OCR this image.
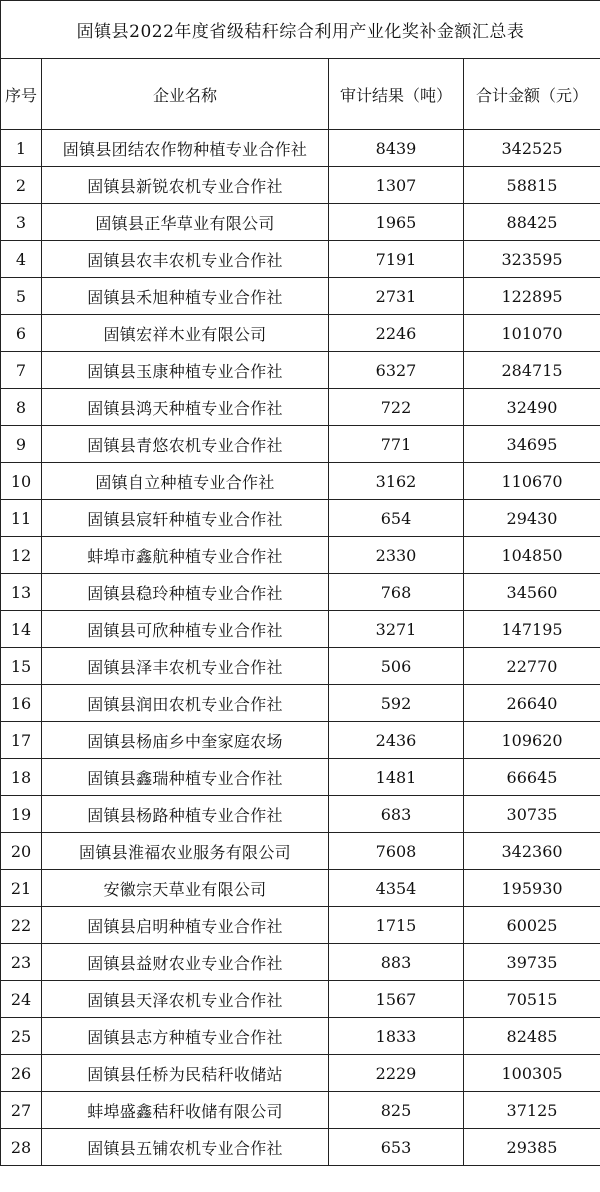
固镇县2022年度省级秸秆综合利用产业化奖补金额汇总表			
序号	企业名称	审计结果（吨）	合计金额（元）
1	固镇县团结农作物种植专业合作社	8439	342525
2	固镇县新锐农机专业合作社	1307	58815
3	固镇县正华草业有限公司	1965	88425
4	固镇县农丰农机专业合作社	7191	323595
5	固镇县禾旭种植专业合作社	2731	122895
6	固镇宏祥木业有限公司	2246	101070
7	固镇县玉康种植专业合作社	6327	284715
8	固镇县鸿天种植专业合作社	722	32490
9	固镇县青悠农机专业合作社	771	34695
10	固镇自立种植专业合作社	3162	110670
11	固镇县宸轩种植专业合作社	654	29430
12	蚌埠市鑫航种植专业合作社	2330	104850
13	固镇县稳玲种植专业合作社	768	34560
14	固镇县可欣种植专业合作社	3271	147195
15	固镇县泽丰农机专业合作社	506	22770
16	固镇县润田农机专业合作社	592	26640
17	固镇县杨庙乡中奎家庭农场	2436	109620
18	固镇县鑫瑞种植专业合作社	1481	66645
19	固镇县杨路种植专业合作社	683	30735
20	固镇县淮福农业服务有限公司	7608	342360
21	安徽宗天草业有限公司	4354	195930
22	固镇县启明种植专业合作社	1715	60025
23	固镇县益财农业专业合作社	883	39735
24	固镇县天泽农机专业合作社	1567	70515
25	固镇县志方种植专业合作社	1833	82485
26	固镇县任桥为民秸秆收储站	2229	100305
27	蚌埠盛鑫秸秆收储有限公司	825	37125
28	固镇县五铺农机专业合作社	653	29385
